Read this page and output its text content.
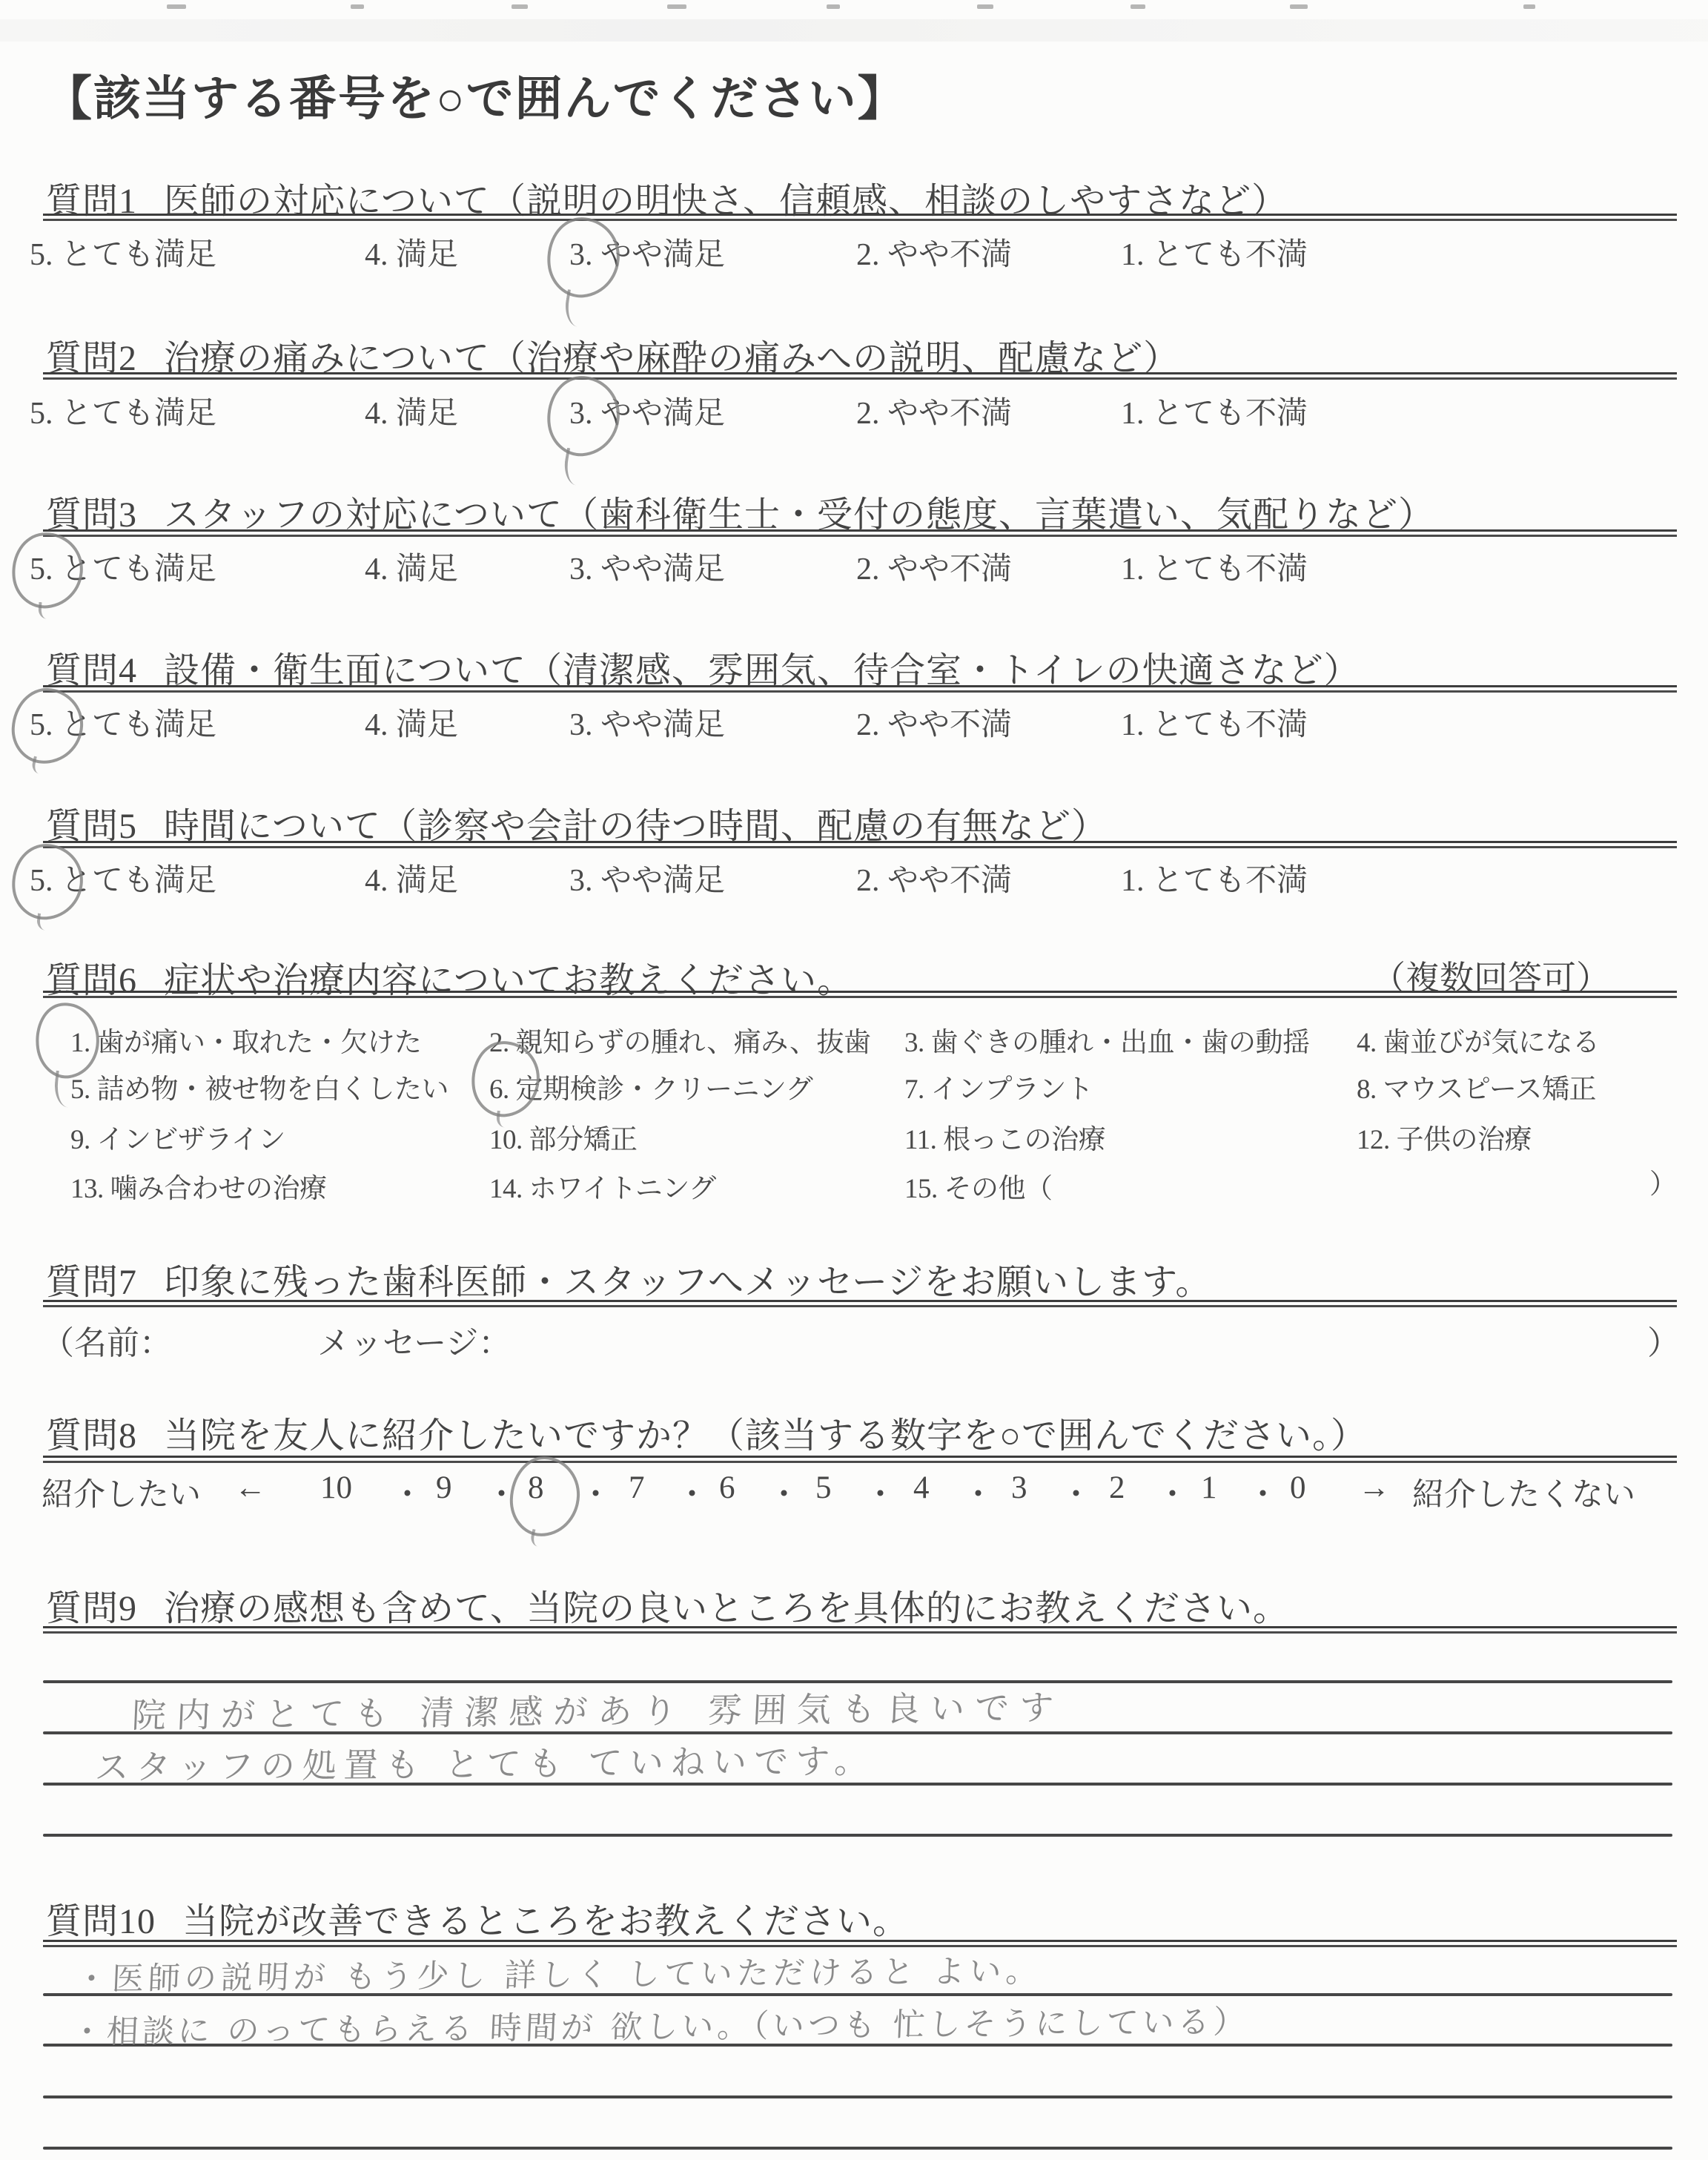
【該当する番号を○で囲んでください】
質問1 医師の対応について（説明の明快さ、信頼感、相談のしやすさなど）
5. とても満足	4. 満足	3. やや満足	2. やや不満	1. とても不満
質問2 治療の痛みについて（治療や麻酔の痛みへの説明、配慮など）
5. とても満足	4. 満足	3. やや満足	2. やや不満	1. とても不満
質問3 スタッフの対応について（歯科衛生士・受付の態度、言葉遣い、気配りなど）
5. とても満足	4. 満足	3. やや満足	2. やや不満	1. とても不満
質問4 設備・衛生面について（清潔感、雰囲気、待合室・トイレの快適さなど）
5. とても満足	4. 満足	3. やや満足	2. やや不満	1. とても不満
質問5 時間について（診察や会計の待つ時間、配慮の有無など）
5. とても満足	4. 満足	3. やや満足	2. やや不満	1. とても不満
質問6 症状や治療内容についてお教えください。	（複数回答可）
1. 歯が痛い・取れた・欠けた 2. 親知らずの腫れ、痛み、抜歯 3. 歯ぐきの腫れ・出血・歯の動揺 4. 歯並びが気になる
5. 詰め物・被せ物を白くしたい 6. 定期検診・クリーニング	7. インプラント	8. マウスピース矯正
9. インビザライン	10. 部分矯正	11. 根っこの治療	12. 子供の治療
13. 噛み合わせの治療	14. ホワイトニング	15. その他（	）
質問7 印象に残った歯科医師・スタッフへメッセージをお願いします。
（名前：	メッセージ：	）
質問8 当院を友人に紹介したいですか？（該当する数字を○で囲んでください。）
紹介したい ← 10 ・ 9 ・ 8 ・ 7 ・ 6 ・ 5 ・ 4 ・ 3 ・ 2 ・ 1 ・ 0 → 紹介したくない
質問9 治療の感想も含めて、当院の良いところを具体的にお教えください。
院内がとても 清潔感があり 雰囲気も良いです
スタッフの処置も とても ていねいです。
質問10 当院が改善できるところをお教えください。
・医師の説明が もう少し 詳しく していただけると よい。
・相談に のってもらえる 時間が 欲しい。（いつも 忙しそうにしている）
